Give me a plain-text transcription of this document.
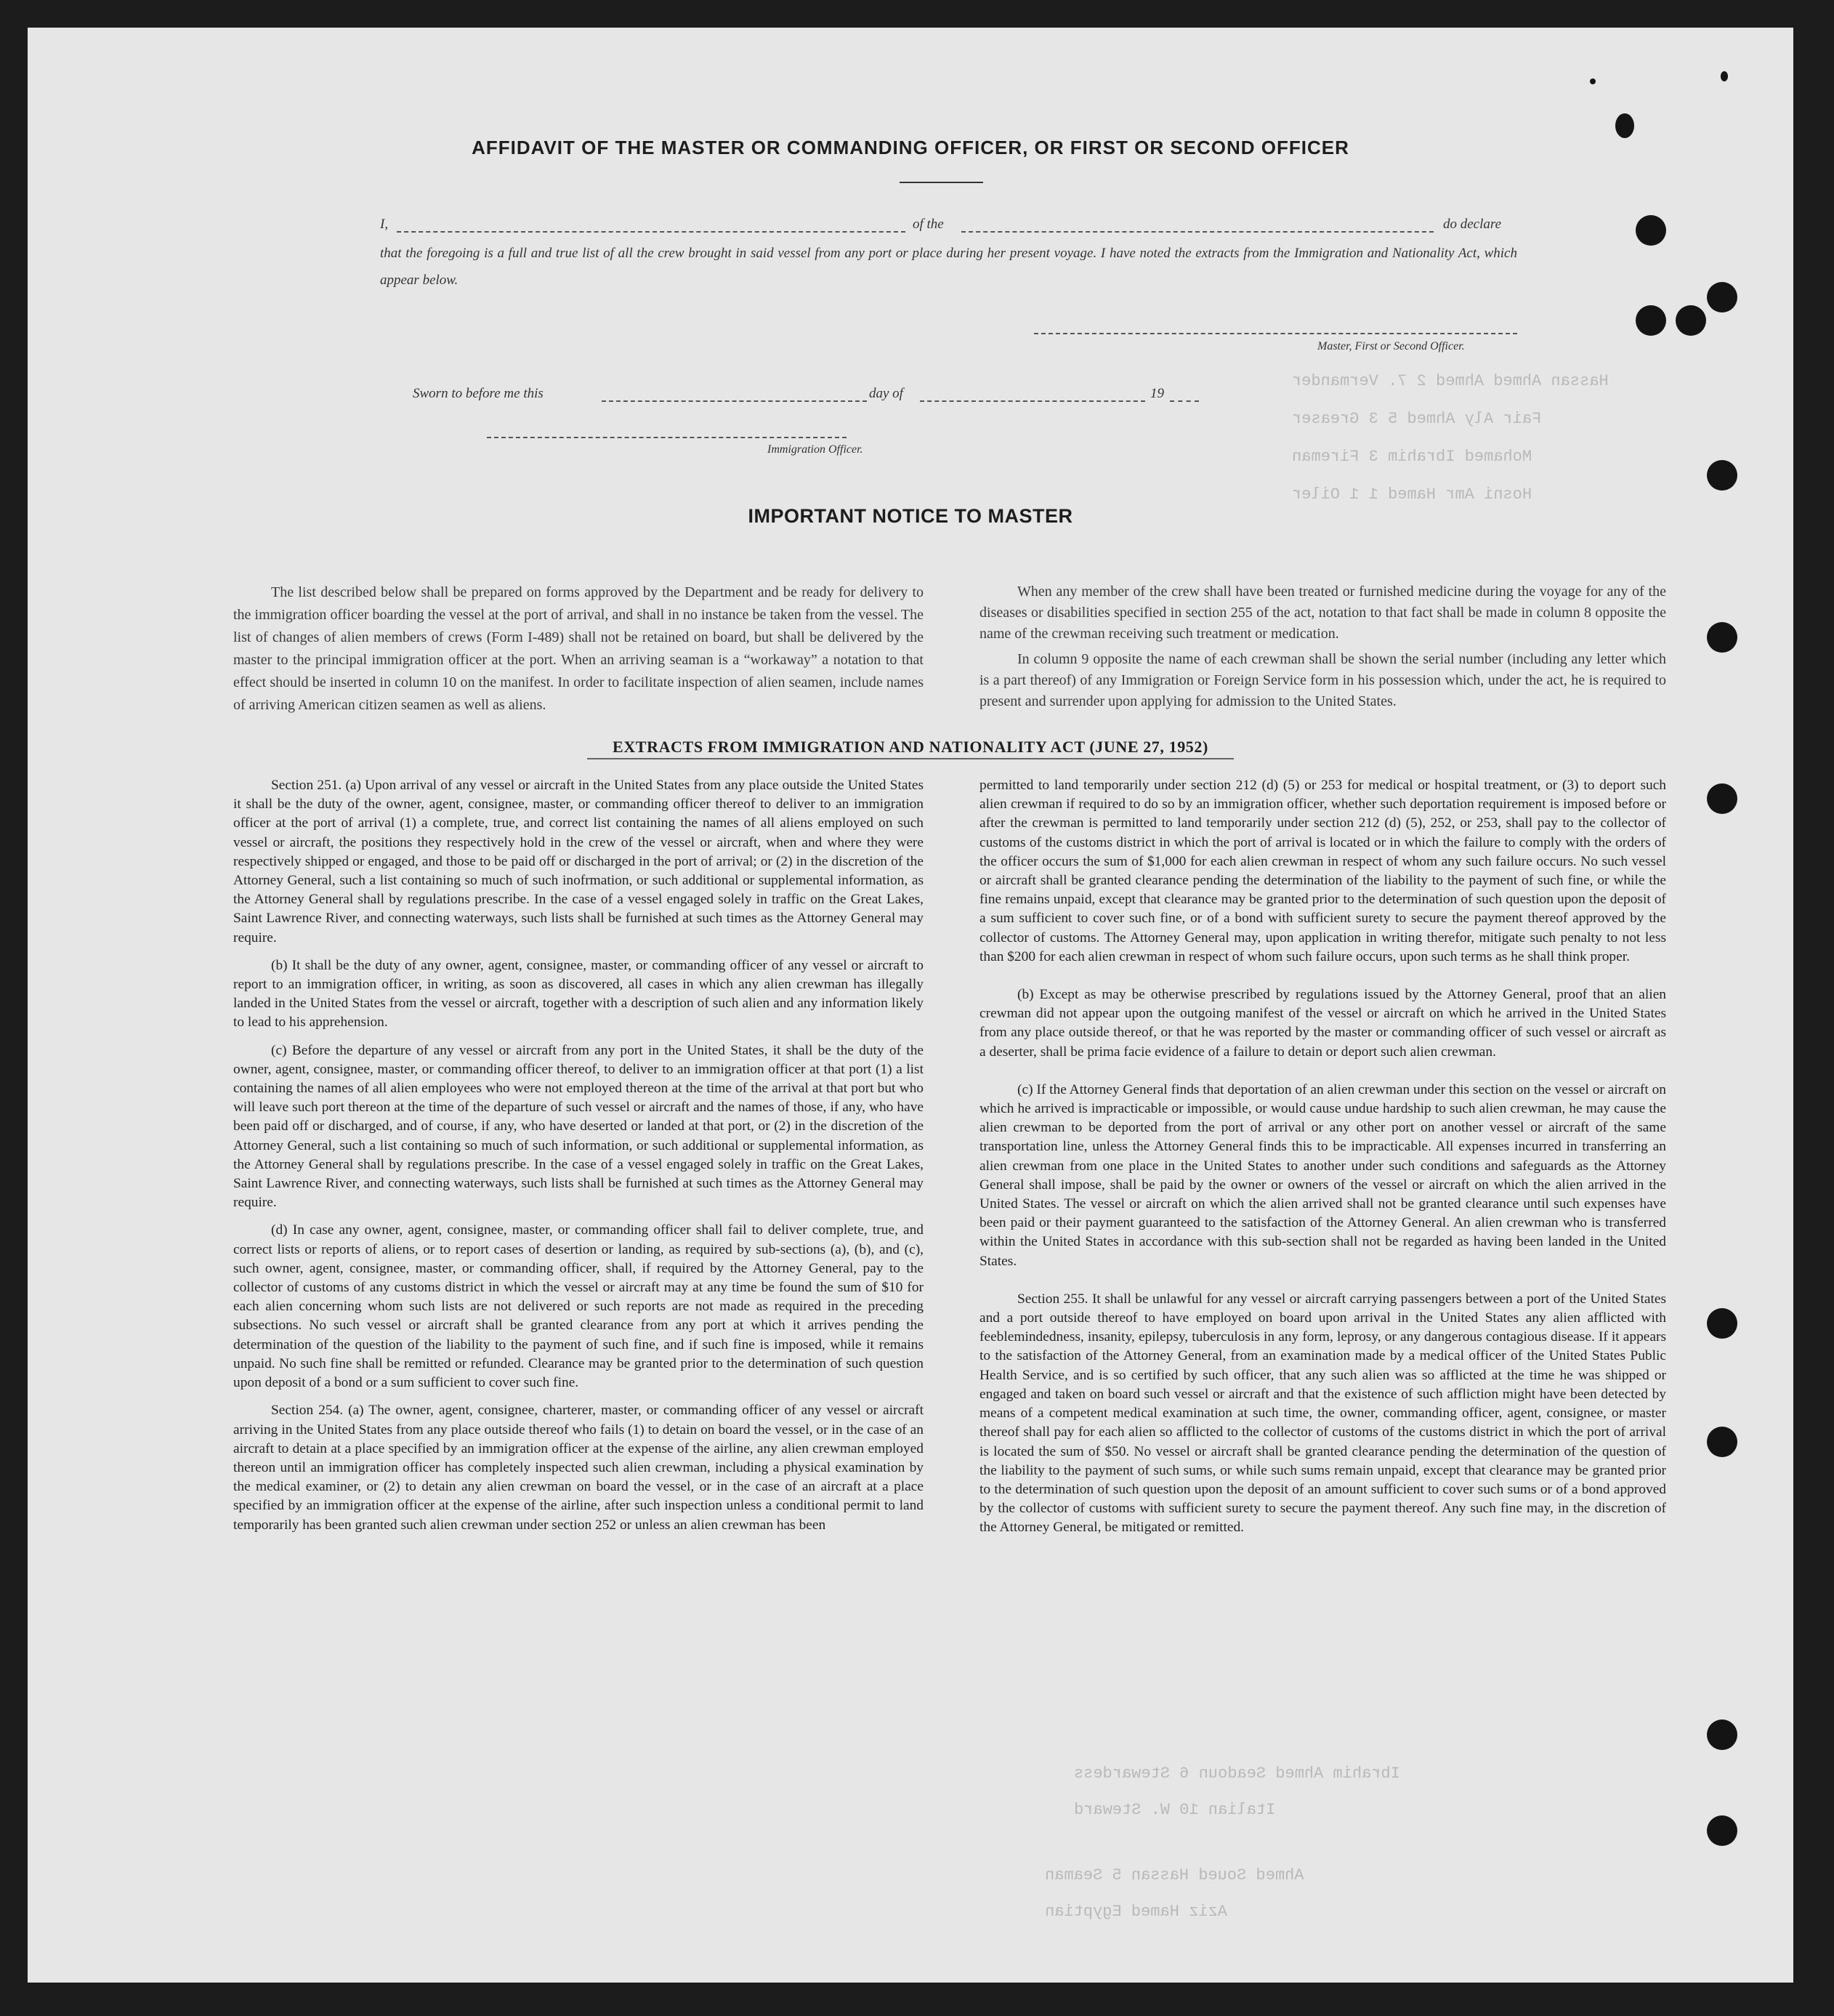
Hassan Ahmed Ahmed 2 7. Vermander
Fair Aly Ahmed 5 3 Greaser
Mohamed Ibrahim 3 Fireman
Hosni Amr Hamed 1 1 Oiler
Ibrahim Ahmed Seadoun 6 Stewardess
Italian 10 W. Steward
Ahmed Soued Hassan 5 Seaman
Aziz Hamed Egyptian
AFFIDAVIT OF THE MASTER OR COMMANDING OFFICER, OR FIRST OR SECOND OFFICER
I,	of the	do declare
that the foregoing is a full and true list of all the crew brought in said vessel from any port or place during her present voyage. I have noted the extracts from the Immigration and Nationality Act, which appear below.
Master, First or Second Officer.
Sworn to before me this	day of	19
Immigration Officer.
IMPORTANT NOTICE TO MASTER

The list described below shall be prepared on forms approved by the Department and be ready for delivery to the immigration officer boarding the vessel at the port of arrival, and shall in no instance be taken from the vessel. The list of changes of alien members of crews (Form I-489) shall not be retained on board, but shall be delivered by the master to the principal immigration officer at the port. When an arriving seaman is a “workaway” a notation to that effect should be inserted in column 10 on the manifest. In order to facilitate inspection of alien seamen, include names of arriving American citizen seamen as well as aliens.

When any member of the crew shall have been treated or furnished medicine during the voyage for any of the diseases or disabilities specified in section 255 of the act, notation to that fact shall be made in column 8 opposite the name of the crewman receiving such treatment or medication.

In column 9 opposite the name of each crewman shall be shown the serial number (including any letter which is a part thereof) of any Immigration or Foreign Service form in his possession which, under the act, he is required to present and surrender upon applying for admission to the United States.

EXTRACTS FROM IMMIGRATION AND NATIONALITY ACT (JUNE 27, 1952)

Section 251. (a) Upon arrival of any vessel or aircraft in the United States from any place outside the United States it shall be the duty of the owner, agent, consignee, master, or commanding officer thereof to deliver to an immigration officer at the port of arrival (1) a complete, true, and correct list containing the names of all aliens employed on such vessel or aircraft, the positions they respectively hold in the crew of the vessel or aircraft, when and where they were respectively shipped or engaged, and those to be paid off or discharged in the port of arrival; or (2) in the discretion of the Attorney General, such a list containing so much of such inofrmation, or such additional or supplemental information, as the Attorney General shall by regulations prescribe. In the case of a vessel engaged solely in traffic on the Great Lakes, Saint Lawrence River, and connecting waterways, such lists shall be furnished at such times as the Attorney General may require.

(b) It shall be the duty of any owner, agent, consignee, master, or commanding officer of any vessel or aircraft to report to an immigration officer, in writing, as soon as discovered, all cases in which any alien crewman has illegally landed in the United States from the vessel or aircraft, together with a description of such alien and any information likely to lead to his apprehension.

(c) Before the departure of any vessel or aircraft from any port in the United States, it shall be the duty of the owner, agent, consignee, master, or commanding officer thereof, to deliver to an immigration officer at that port (1) a list containing the names of all alien employees who were not employed thereon at the time of the arrival at that port but who will leave such port thereon at the time of the departure of such vessel or aircraft and the names of those, if any, who have been paid off or discharged, and of course, if any, who have deserted or landed at that port, or (2) in the discretion of the Attorney General, such a list containing so much of such information, or such additional or supplemental information, as the Attorney General shall by regulations prescribe. In the case of a vessel engaged solely in traffic on the Great Lakes, Saint Lawrence River, and connecting waterways, such lists shall be furnished at such times as the Attorney General may require.

(d) In case any owner, agent, consignee, master, or commanding officer shall fail to deliver complete, true, and correct lists or reports of aliens, or to report cases of desertion or landing, as required by sub-sections (a), (b), and (c), such owner, agent, consignee, master, or commanding officer, shall, if required by the Attorney General, pay to the collector of customs of any customs district in which the vessel or aircraft may at any time be found the sum of $10 for each alien concerning whom such lists are not delivered or such reports are not made as required in the preceding subsections. No such vessel or aircraft shall be granted clearance from any port at which it arrives pending the determination of the question of the liability to the payment of such fine, and if such fine is imposed, while it remains unpaid. No such fine shall be remitted or refunded. Clearance may be granted prior to the determination of such question upon deposit of a bond or a sum sufficient to cover such fine.

Section 254. (a) The owner, agent, consignee, charterer, master, or commanding officer of any vessel or aircraft arriving in the United States from any place outside thereof who fails (1) to detain on board the vessel, or in the case of an aircraft to detain at a place specified by an immigration officer at the expense of the airline, any alien crewman employed thereon until an immigration officer has completely inspected such alien crewman, including a physical examination by the medical examiner, or (2) to detain any alien crewman on board the vessel, or in the case of an aircraft at a place specified by an immigration officer at the expense of the airline, after such inspection unless a conditional permit to land temporarily has been granted such alien crewman under section 252 or unless an alien crewman has been

permitted to land temporarily under section 212 (d) (5) or 253 for medical or hospital treatment, or (3) to deport such alien crewman if required to do so by an immigration officer, whether such deportation requirement is imposed before or after the crewman is permitted to land temporarily under section 212 (d) (5), 252, or 253, shall pay to the collector of customs of the customs district in which the port of arrival is located or in which the failure to comply with the orders of the officer occurs the sum of $1,000 for each alien crewman in respect of whom any such failure occurs. No such vessel or aircraft shall be granted clearance pending the determination of the liability to the payment of such fine, or while the fine remains unpaid, except that clearance may be granted prior to the determination of such question upon the deposit of a sum sufficient to cover such fine, or of a bond with sufficient surety to secure the payment thereof approved by the collector of customs. The Attorney General may, upon application in writing therefor, mitigate such penalty to not less than $200 for each alien crewman in respect of whom such failure occurs, upon such terms as he shall think proper.

(b) Except as may be otherwise prescribed by regulations issued by the Attorney General, proof that an alien crewman did not appear upon the outgoing manifest of the vessel or aircraft on which he arrived in the United States from any place outside thereof, or that he was reported by the master or commanding officer of such vessel or aircraft as a deserter, shall be prima facie evidence of a failure to detain or deport such alien crewman.

(c) If the Attorney General finds that deportation of an alien crewman under this section on the vessel or aircraft on which he arrived is impracticable or impossible, or would cause undue hardship to such alien crewman, he may cause the alien crewman to be deported from the port of arrival or any other port on another vessel or aircraft of the same transportation line, unless the Attorney General finds this to be impracticable. All expenses incurred in transferring an alien crewman from one place in the United States to another under such conditions and safeguards as the Attorney General shall impose, shall be paid by the owner or owners of the vessel or aircraft on which the alien arrived in the United States. The vessel or aircraft on which the alien arrived shall not be granted clearance until such expenses have been paid or their payment guaranteed to the satisfaction of the Attorney General. An alien crewman who is transferred within the United States in accordance with this sub-section shall not be regarded as having been landed in the United States.

Section 255. It shall be unlawful for any vessel or aircraft carrying passengers between a port of the United States and a port outside thereof to have employed on board upon arrival in the United States any alien afflicted with feeblemindedness, insanity, epilepsy, tuberculosis in any form, leprosy, or any dangerous contagious disease. If it appears to the satisfaction of the Attorney General, from an examination made by a medical officer of the United States Public Health Service, and is so certified by such officer, that any such alien was so afflicted at the time he was shipped or engaged and taken on board such vessel or aircraft and that the existence of such affliction might have been detected by means of a competent medical examination at such time, the owner, commanding officer, agent, consignee, or master thereof shall pay for each alien so afflicted to the collector of customs of the customs district in which the port of arrival is located the sum of $50. No vessel or aircraft shall be granted clearance pending the determination of the question of the liability to the payment of such sums, or while such sums remain unpaid, except that clearance may be granted prior to the determination of such question upon the deposit of an amount sufficient to cover such sums or of a bond approved by the collector of customs with sufficient surety to secure the payment thereof. Any such fine may, in the discretion of the Attorney General, be mitigated or remitted.
